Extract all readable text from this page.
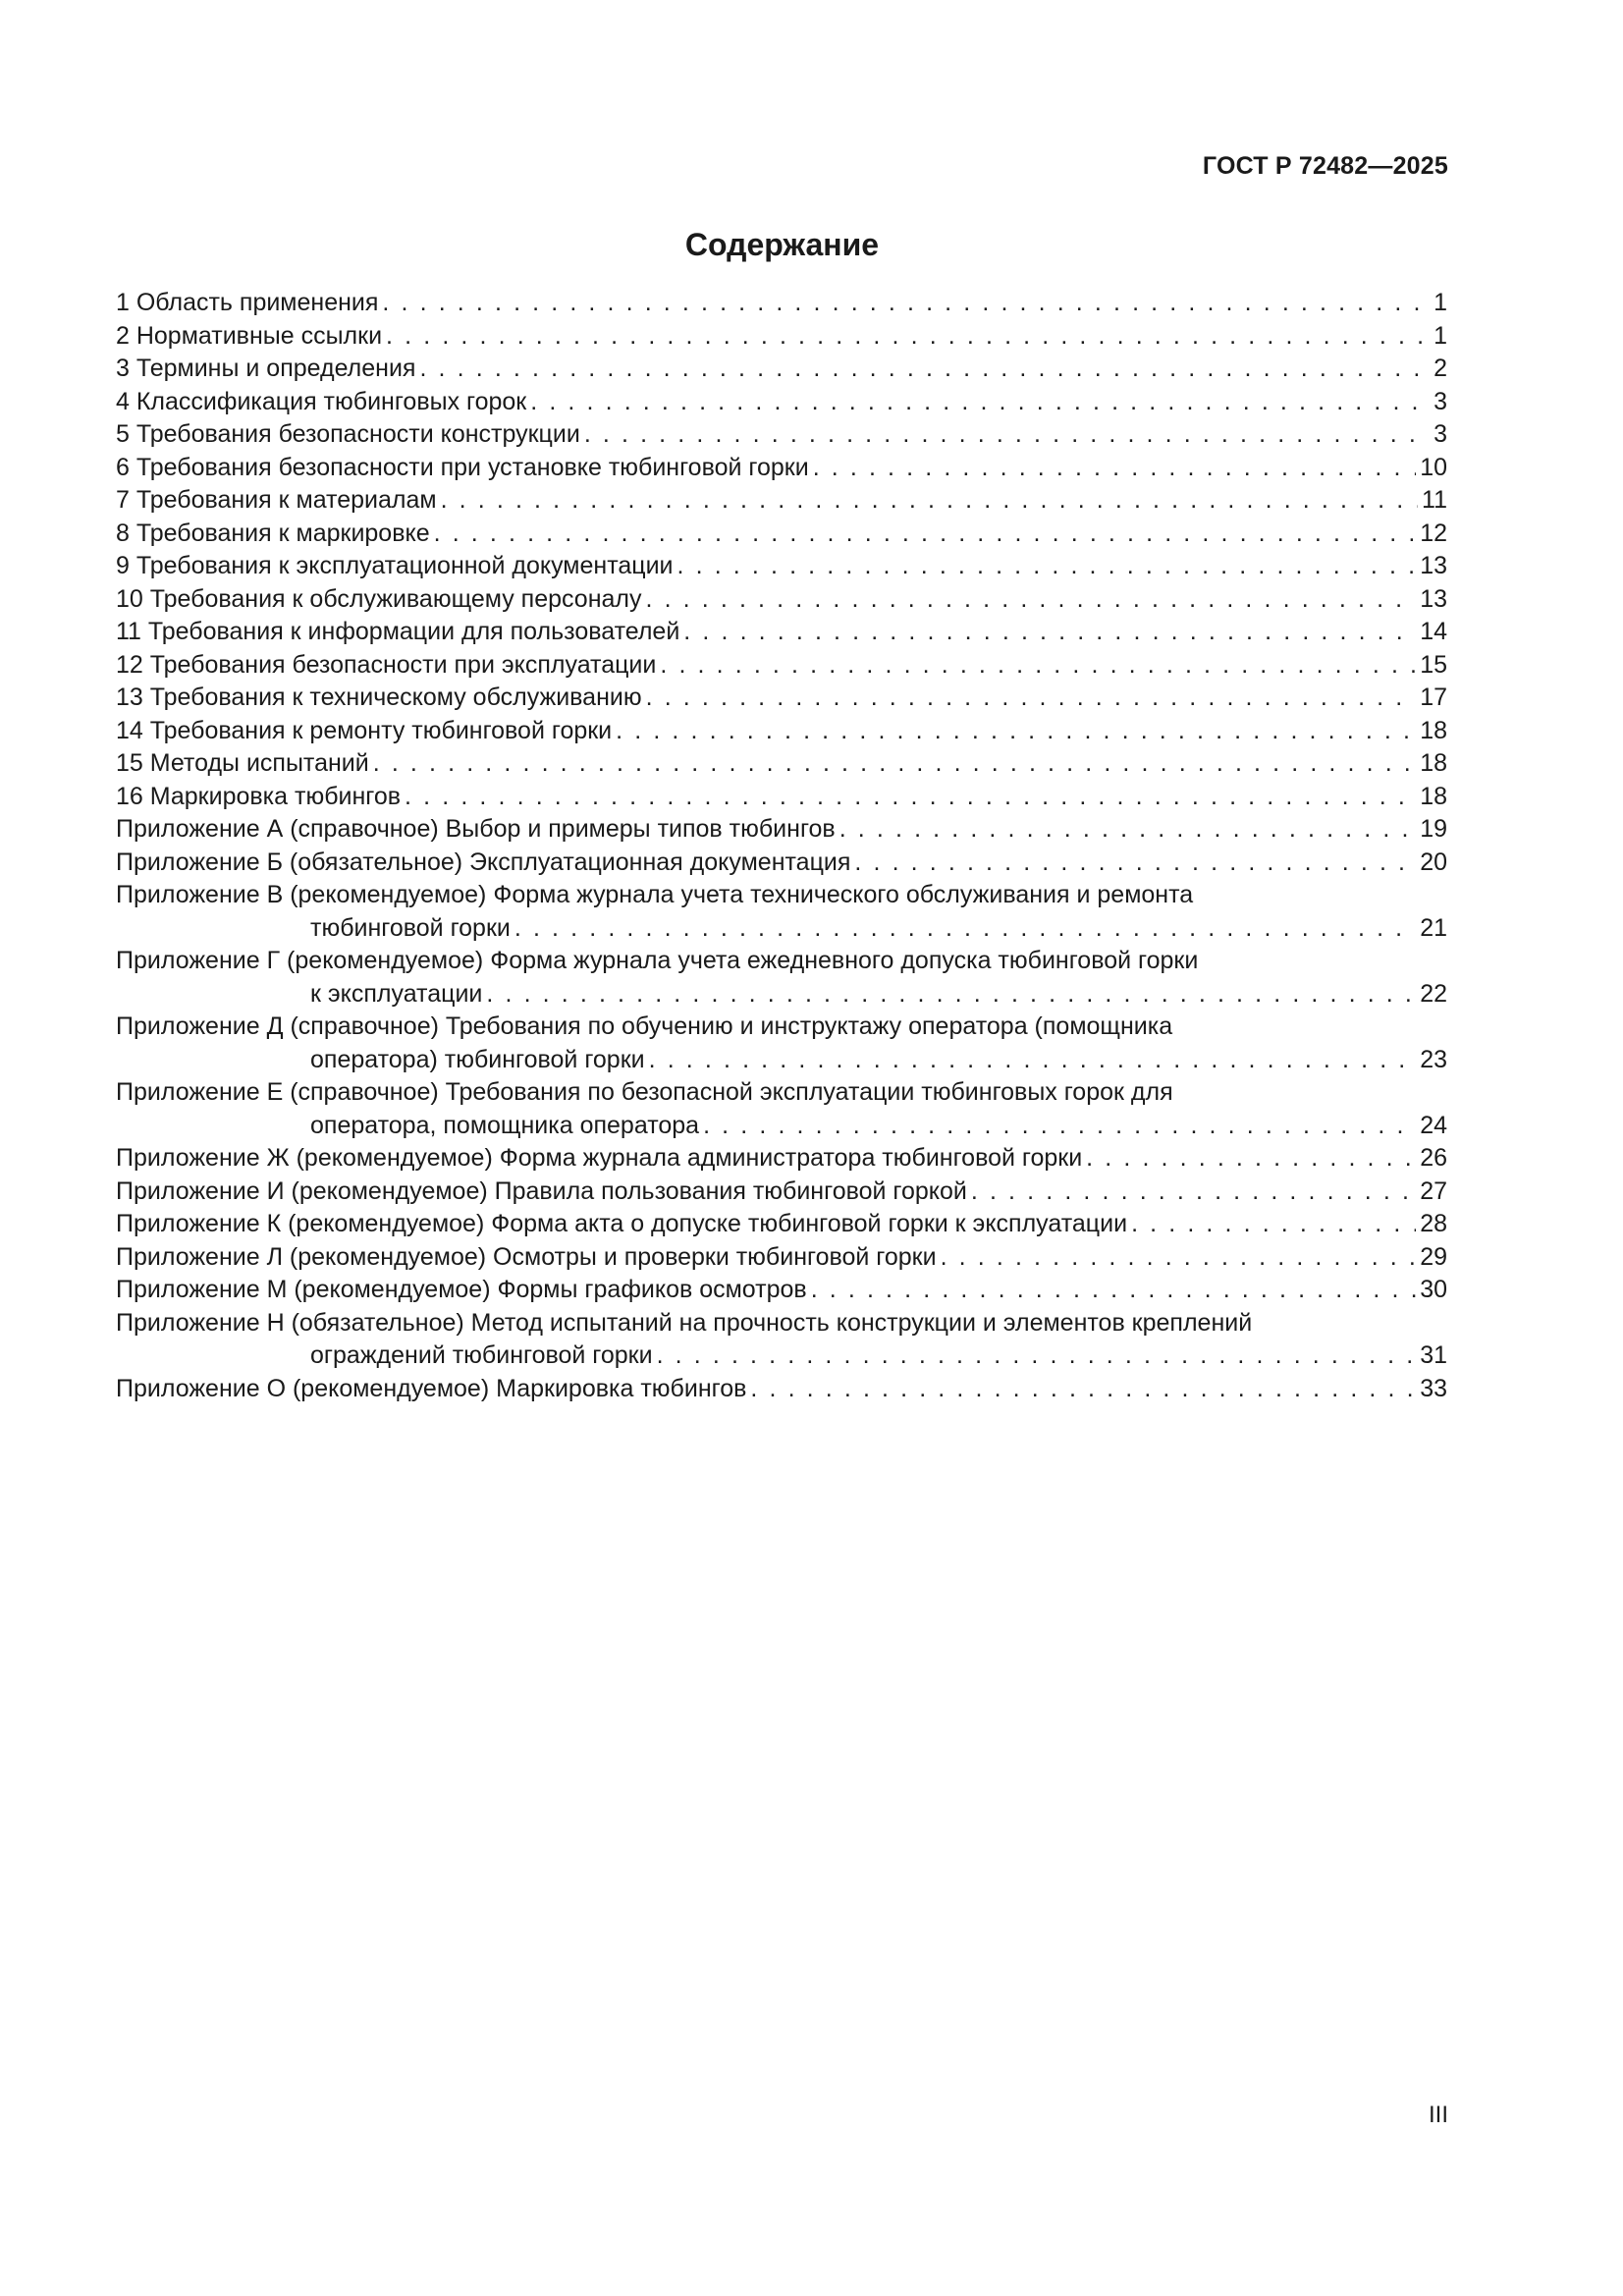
ГОСТ Р 72482—2025
Содержание
1 Область применения . . .	1
2 Нормативные ссылки . . .	1
3 Термины и определения . . .	2
4 Классификация тюбинговых горок . . .	3
5 Требования безопасности конструкции . . .	3
6 Требования безопасности при установке тюбинговой горки . . .	10
7 Требования к материалам . . .	11
8 Требования к маркировке . . .	12
9 Требования к эксплуатационной документации . . .	13
10 Требования к обслуживающему персоналу . . .	13
11 Требования к информации для пользователей . . .	14
12 Требования безопасности при эксплуатации . . .	15
13 Требования к техническому обслуживанию . . .	17
14 Требования к ремонту тюбинговой горки . . .	18
15 Методы испытаний . . .	18
16 Маркировка тюбингов . . .	18
Приложение А (справочное) Выбор и примеры типов тюбингов . . .	19
Приложение Б (обязательное) Эксплуатационная документация . . .	20
Приложение В (рекомендуемое) Форма журнала учета технического обслуживания и ремонта
тюбинговой горки . . .	21
Приложение Г (рекомендуемое) Форма журнала учета ежедневного допуска тюбинговой горки
к эксплуатации . . .	22
Приложение Д (справочное) Требования по обучению и инструктажу оператора (помощника
оператора) тюбинговой горки . . .	23
Приложение Е (справочное) Требования по безопасной эксплуатации тюбинговых горок для
оператора, помощника оператора . . .	24
Приложение Ж (рекомендуемое) Форма журнала администратора тюбинговой горки . . .	26
Приложение И (рекомендуемое) Правила пользования тюбинговой горкой . . .	27
Приложение К (рекомендуемое) Форма акта о допуске тюбинговой горки к эксплуатации . . .	28
Приложение Л (рекомендуемое) Осмотры и проверки тюбинговой горки . . .	29
Приложение М (рекомендуемое) Формы графиков осмотров . . .	30
Приложение Н (обязательное) Метод испытаний на прочность конструкции и элементов креплений
ограждений тюбинговой горки . . .	31
Приложение О (рекомендуемое) Маркировка тюбингов . . .	33
III
